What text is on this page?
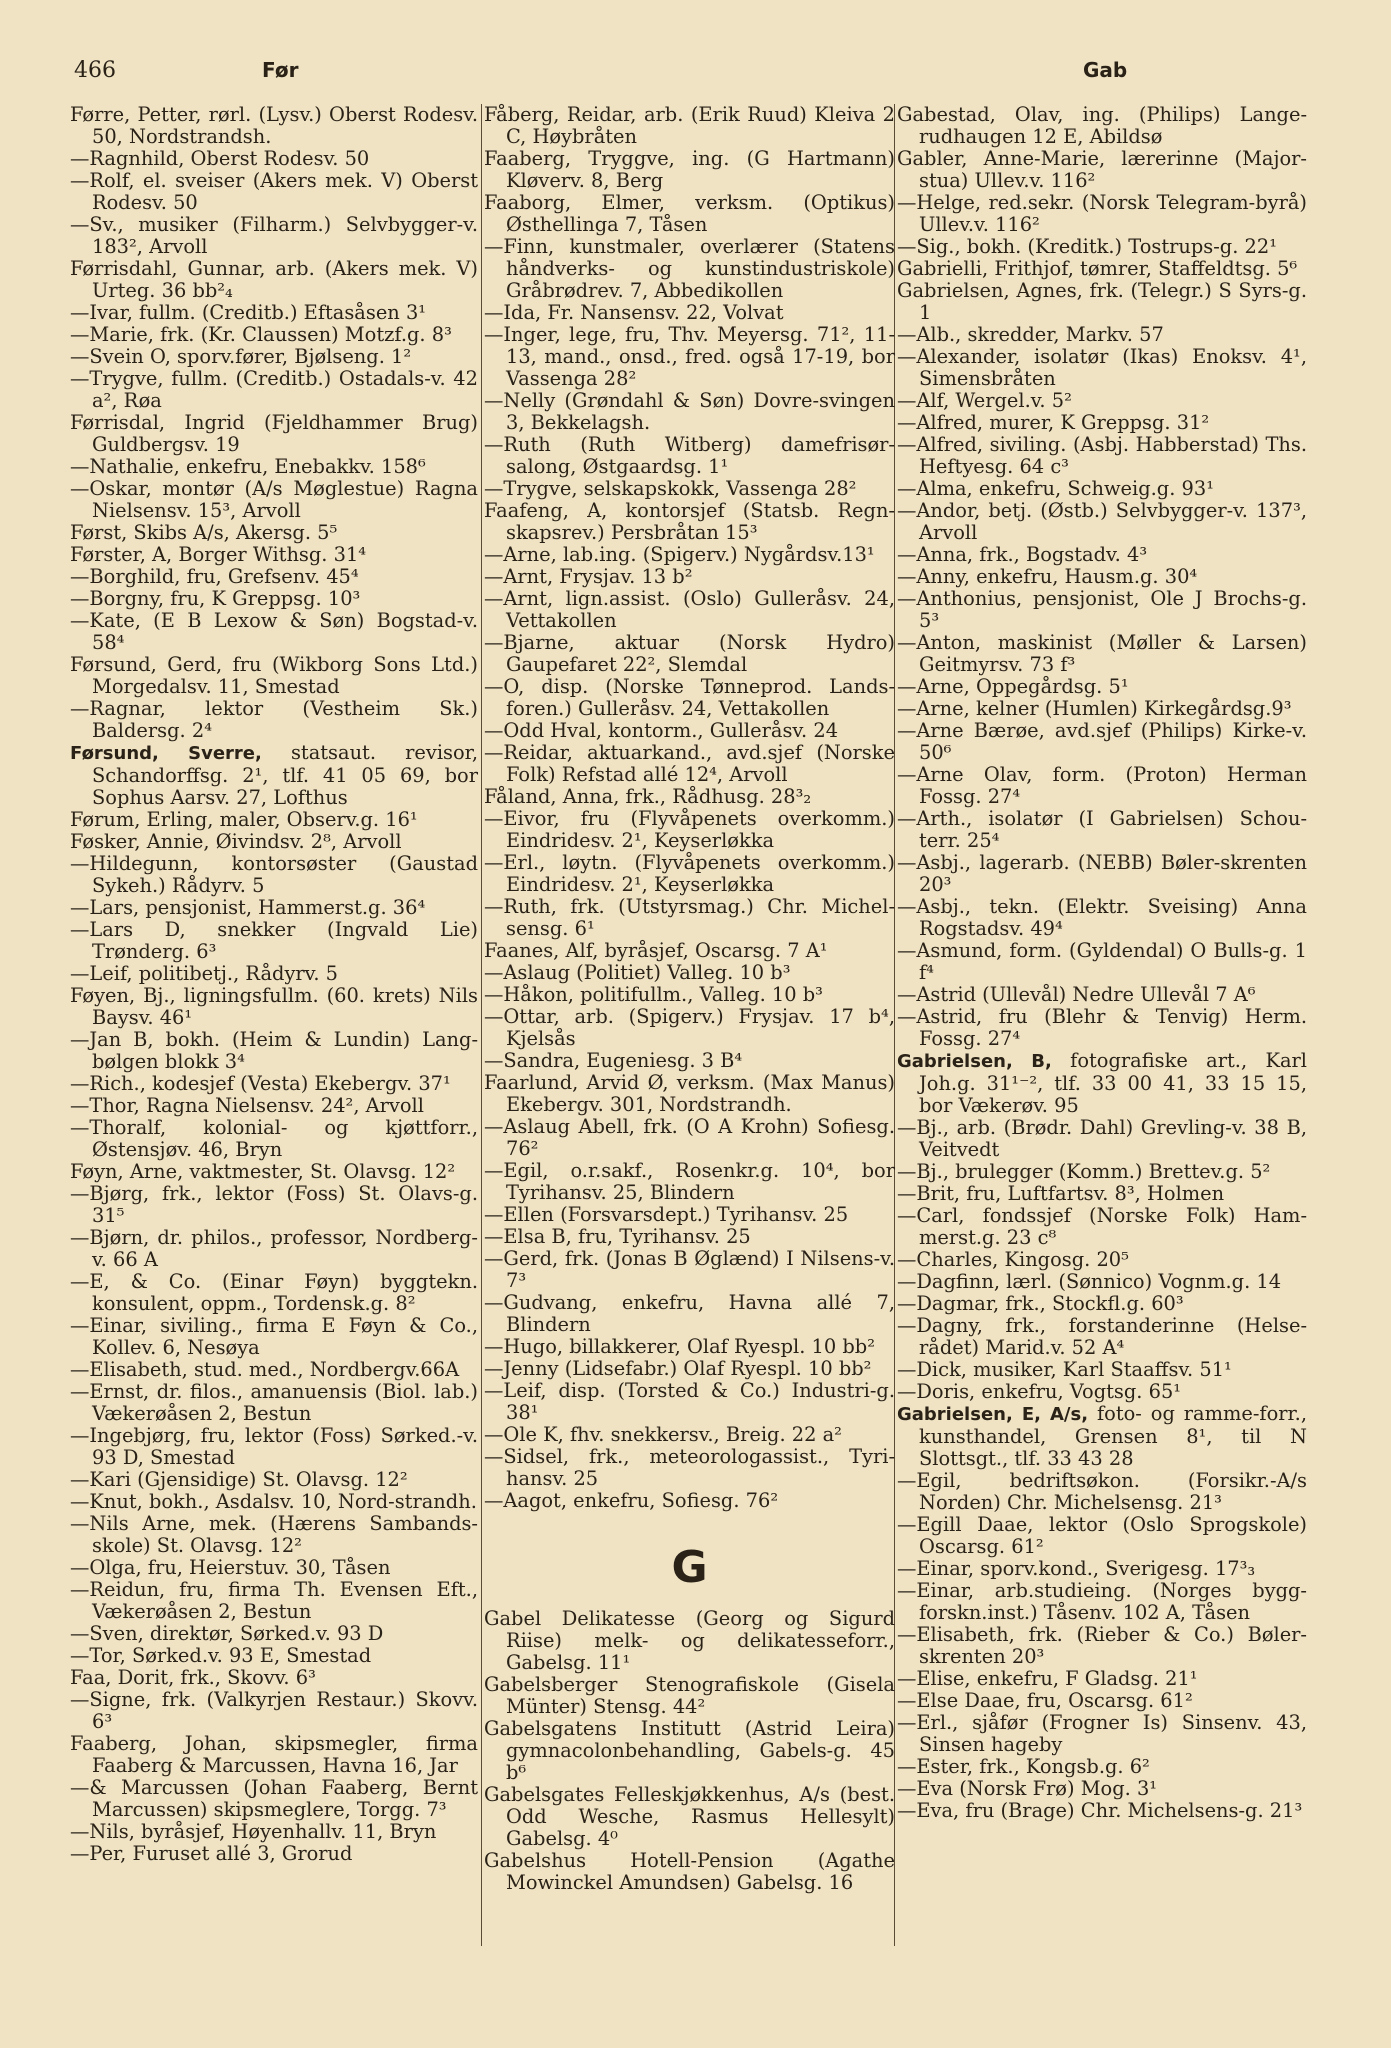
466	Før	Gab
Førre, Petter, rørl. (Lysv.) Oberst Rodesv. 50, Nordstrandsh.
—Ragnhild, Oberst Rodesv. 50
—Rolf, el. sveiser (Akers mek. V) Oberst Rodesv. 50
—Sv., musiker (Filharm.) Selvbygger-v. 183², Arvoll
Førrisdahl, Gunnar, arb. (Akers mek. V) Urteg. 36 bb²₄
—Ivar, fullm. (Creditb.) Eftasåsen 3¹
—Marie, frk. (Kr. Claussen) Motzf.g. 8³
—Svein O, sporv.fører, Bjølseng. 1²
—Trygve, fullm. (Creditb.) Ostadals-v. 42 a², Røa
Førrisdal, Ingrid (Fjeldhammer Brug) Guldbergsv. 19
—Nathalie, enkefru, Enebakkv. 158⁶
—Oskar, montør (A/s Møglestue) Ragna Nielsensv. 15³, Arvoll
Først, Skibs A/s, Akersg. 5⁵
Førster, A, Borger Withsg. 31⁴
—Borghild, fru, Grefsenv. 45⁴
—Borgny, fru, K Greppsg. 10³
—Kate, (E B Lexow & Søn) Bogstad-v. 58⁴
Førsund, Gerd, fru (Wikborg Sons Ltd.) Morgedalsv. 11, Smestad
—Ragnar, lektor (Vestheim Sk.) Baldersg. 2⁴
Førsund, Sverre, statsaut. revisor, Schandorffsg. 2¹, tlf. 41 05 69, bor Sophus Aarsv. 27, Lofthus
Førum, Erling, maler, Observ.g. 16¹
Føsker, Annie, Øivindsv. 2⁸, Arvoll
—Hildegunn, kontorsøster (Gaustad Sykeh.) Rådyrv. 5
—Lars, pensjonist, Hammerst.g. 36⁴
—Lars D, snekker (Ingvald Lie) Trønderg. 6³
—Leif, politibetj., Rådyrv. 5
Føyen, Bj., ligningsfullm. (60. krets) Nils Baysv. 46¹
—Jan B, bokh. (Heim & Lundin) Lang-bølgen blokk 3⁴
—Rich., kodesjef (Vesta) Ekebergv. 37¹
—Thor, Ragna Nielsensv. 24², Arvoll
—Thoralf, kolonial- og kjøttforr., Østensjøv. 46, Bryn
Føyn, Arne, vaktmester, St. Olavsg. 12²
—Bjørg, frk., lektor (Foss) St. Olavs-g. 31⁵
—Bjørn, dr. philos., professor, Nordberg-v. 66 A
—E, & Co. (Einar Føyn) byggtekn. konsulent, oppm., Tordensk.g. 8²
—Einar, siviling., firma E Føyn & Co., Kollev. 6, Nesøya
—Elisabeth, stud. med., Nordbergv.66A
—Ernst, dr. filos., amanuensis (Biol. lab.) Vækerøåsen 2, Bestun
—Ingebjørg, fru, lektor (Foss) Sørked.-v. 93 D, Smestad
—Kari (Gjensidige) St. Olavsg. 12²
—Knut, bokh., Asdalsv. 10, Nord-strandh.
—Nils Arne, mek. (Hærens Sambands-skole) St. Olavsg. 12²
—Olga, fru, Heierstuv. 30, Tåsen
—Reidun, fru, firma Th. Evensen Eft., Vækerøåsen 2, Bestun
—Sven, direktør, Sørked.v. 93 D
—Tor, Sørked.v. 93 E, Smestad
Faa, Dorit, frk., Skovv. 6³
—Signe, frk. (Valkyrjen Restaur.) Skovv. 6³
Faaberg, Johan, skipsmegler, firma Faaberg & Marcussen, Havna 16, Jar
—& Marcussen (Johan Faaberg, Bernt Marcussen) skipsmeglere, Torgg. 7³
—Nils, byråsjef, Høyenhallv. 11, Bryn
—Per, Furuset allé 3, Grorud
Fåberg, Reidar, arb. (Erik Ruud) Kleiva 2 C, Høybråten
Faaberg, Tryggve, ing. (G Hartmann) Kløverv. 8, Berg
Faaborg, Elmer, verksm. (Optikus) Østhellinga 7, Tåsen
—Finn, kunstmaler, overlærer (Statens håndverks- og kunstindustriskole) Gråbrødrev. 7, Abbedikollen
—Ida, Fr. Nansensv. 22, Volvat
—Inger, lege, fru, Thv. Meyersg. 71², 11-13, mand., onsd., fred. også 17-19, bor Vassenga 28²
—Nelly (Grøndahl & Søn) Dovre-svingen 3, Bekkelagsh.
—Ruth (Ruth Witberg) damefrisør-salong, Østgaardsg. 1¹
—Trygve, selskapskokk, Vassenga 28²
Faafeng, A, kontorsjef (Statsb. Regn-skapsrev.) Persbråtan 15³
—Arne, lab.ing. (Spigerv.) Nygårdsv.13¹
—Arnt, Frysjav. 13 b²
—Arnt, lign.assist. (Oslo) Gulleråsv. 24, Vettakollen
—Bjarne, aktuar (Norsk Hydro) Gaupefaret 22², Slemdal
—O, disp. (Norske Tønneprod. Lands-foren.) Gulleråsv. 24, Vettakollen
—Odd Hval, kontorm., Gulleråsv. 24
—Reidar, aktuarkand., avd.sjef (Norske Folk) Refstad allé 12⁴, Arvoll
Fåland, Anna, frk., Rådhusg. 28³₂
—Eivor, fru (Flyvåpenets overkomm.) Eindridesv. 2¹, Keyserløkka
—Erl., løytn. (Flyvåpenets overkomm.) Eindridesv. 2¹, Keyserløkka
—Ruth, frk. (Utstyrsmag.) Chr. Michel-sensg. 6¹
Faanes, Alf, byråsjef, Oscarsg. 7 A¹
—Aslaug (Politiet) Valleg. 10 b³
—Håkon, politifullm., Valleg. 10 b³
—Ottar, arb. (Spigerv.) Frysjav. 17 b⁴, Kjelsås
—Sandra, Eugeniesg. 3 B⁴
Faarlund, Arvid Ø, verksm. (Max Manus) Ekebergv. 301, Nordstrandh.
—Aslaug Abell, frk. (O A Krohn) Sofiesg. 76²
—Egil, o.r.sakf., Rosenkr.g. 10⁴, bor Tyrihansv. 25, Blindern
—Ellen (Forsvarsdept.) Tyrihansv. 25
—Elsa B, fru, Tyrihansv. 25
—Gerd, frk. (Jonas B Øglænd) I Nilsens-v. 7³
—Gudvang, enkefru, Havna allé 7, Blindern
—Hugo, billakkerer, Olaf Ryespl. 10 bb²
—Jenny (Lidsefabr.) Olaf Ryespl. 10 bb²
—Leif, disp. (Torsted & Co.) Industri-g. 38¹
—Ole K, fhv. snekkersv., Breig. 22 a²
—Sidsel, frk., meteorologassist., Tyri-hansv. 25
—Aagot, enkefru, Sofiesg. 76²
G
Gabel Delikatesse (Georg og Sigurd Riise) melk- og delikatesseforr., Gabelsg. 11¹
Gabelsberger Stenografiskole (Gisela Münter) Stensg. 44²
Gabelsgatens Institutt (Astrid Leira) gymnacolonbehandling, Gabels-g. 45 b⁶
Gabelsgates Felleskjøkkenhus, A/s (best. Odd Wesche, Rasmus Hellesylt) Gabelsg. 4⁰
Gabelshus Hotell-Pension (Agathe Mowinckel Amundsen) Gabelsg. 16
Gabestad, Olav, ing. (Philips) Lange-rudhaugen 12 E, Abildsø
Gabler, Anne-Marie, lærerinne (Major-stua) Ullev.v. 116²
—Helge, red.sekr. (Norsk Telegram-byrå) Ullev.v. 116²
—Sig., bokh. (Kreditk.) Tostrups-g. 22¹
Gabrielli, Frithjof, tømrer, Staffeldtsg. 5⁶
Gabrielsen, Agnes, frk. (Telegr.) S Syrs-g. 1
—Alb., skredder, Markv. 57
—Alexander, isolatør (Ikas) Enoksv. 4¹, Simensbråten
—Alf, Wergel.v. 5²
—Alfred, murer, K Greppsg. 31²
—Alfred, siviling. (Asbj. Habberstad) Ths. Heftyesg. 64 c³
—Alma, enkefru, Schweig.g. 93¹
—Andor, betj. (Østb.) Selvbygger-v. 137³, Arvoll
—Anna, frk., Bogstadv. 4³
—Anny, enkefru, Hausm.g. 30⁴
—Anthonius, pensjonist, Ole J Brochs-g. 5³
—Anton, maskinist (Møller & Larsen) Geitmyrsv. 73 f³
—Arne, Oppegårdsg. 5¹
—Arne, kelner (Humlen) Kirkegårdsg.9³
—Arne Bærøe, avd.sjef (Philips) Kirke-v. 50⁶
—Arne Olav, form. (Proton) Herman Fossg. 27⁴
—Arth., isolatør (I Gabrielsen) Schou-terr. 25⁴
—Asbj., lagerarb. (NEBB) Bøler-skrenten 20³
—Asbj., tekn. (Elektr. Sveising) Anna Rogstadsv. 49⁴
—Asmund, form. (Gyldendal) O Bulls-g. 1 f⁴
—Astrid (Ullevål) Nedre Ullevål 7 A⁶
—Astrid, fru (Blehr & Tenvig) Herm. Fossg. 27⁴
Gabrielsen, B, fotografiske art., Karl Joh.g. 31¹⁻², tlf. 33 00 41, 33 15 15, bor Vækerøv. 95
—Bj., arb. (Brødr. Dahl) Grevling-v. 38 B, Veitvedt
—Bj., brulegger (Komm.) Brettev.g. 5²
—Brit, fru, Luftfartsv. 8³, Holmen
—Carl, fondssjef (Norske Folk) Ham-merst.g. 23 c⁸
—Charles, Kingosg. 20⁵
—Dagfinn, lærl. (Sønnico) Vognm.g. 14
—Dagmar, frk., Stockfl.g. 60³
—Dagny, frk., forstanderinne (Helse-rådet) Marid.v. 52 A⁴
—Dick, musiker, Karl Staaffsv. 51¹
—Doris, enkefru, Vogtsg. 65¹
Gabrielsen, E, A/s, foto- og ramme-forr., kunsthandel, Grensen 8¹, til N Slottsgt., tlf. 33 43 28
—Egil, bedriftsøkon. (Forsikr.-A/s Norden) Chr. Michelsensg. 21³
—Egill Daae, lektor (Oslo Sprogskole) Oscarsg. 61²
—Einar, sporv.kond., Sverigesg. 17³₃
—Einar, arb.studieing. (Norges bygg-forskn.inst.) Tåsenv. 102 A, Tåsen
—Elisabeth, frk. (Rieber & Co.) Bøler-skrenten 20³
—Elise, enkefru, F Gladsg. 21¹
—Else Daae, fru, Oscarsg. 61²
—Erl., sjåfør (Frogner Is) Sinsenv. 43, Sinsen hageby
—Ester, frk., Kongsb.g. 6²
—Eva (Norsk Frø) Mog. 3¹
—Eva, fru (Brage) Chr. Michelsens-g. 21³
